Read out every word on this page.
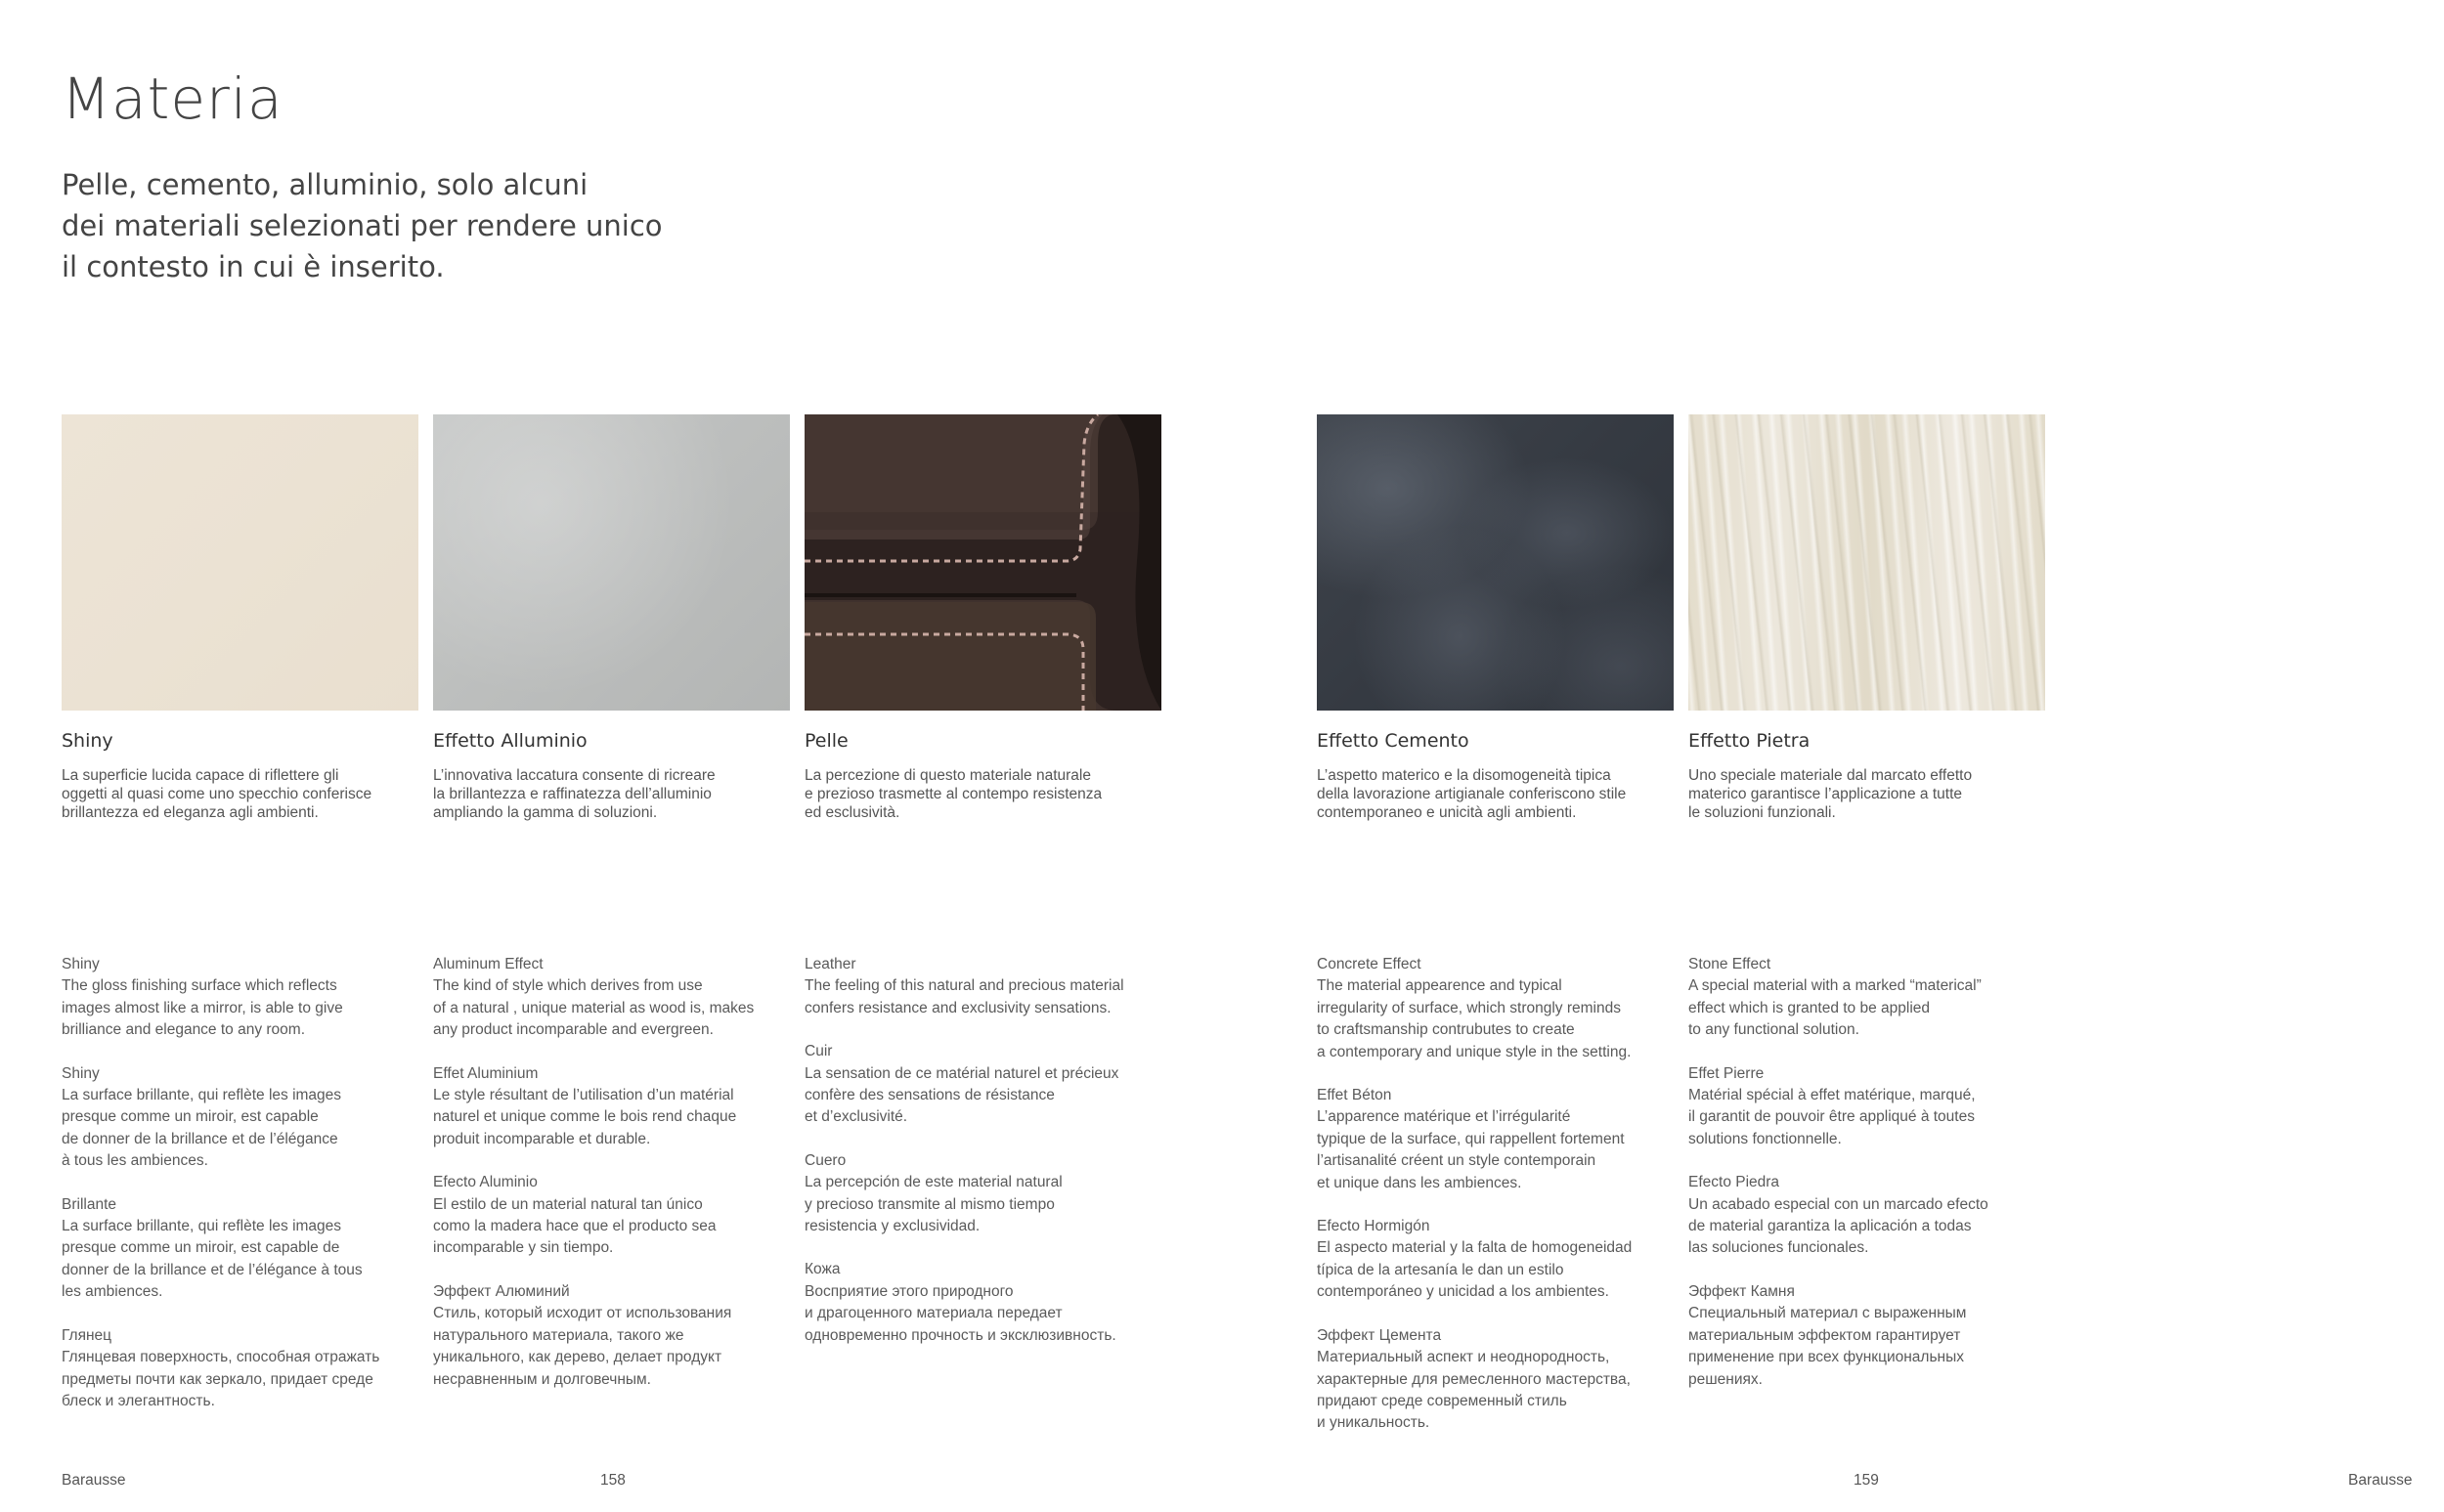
Materia

Pelle, cemento, alluminio, solo alcuni
dei materiali selezionati per rendere unico
il contesto in cui è inserito.

Shiny
La superficie lucida capace di riflettere gli
oggetti al quasi come uno specchio conferisce
brillantezza ed eleganza agli ambienti.
Effetto Alluminio
L’innovativa laccatura consente di ricreare
la brillantezza e raffinatezza dell’alluminio
ampliando la gamma di soluzioni.
Pelle
La percezione di questo materiale naturale
e prezioso trasmette al contempo resistenza
ed esclusività.
Effetto Cemento
L’aspetto materico e la disomogeneità tipica
della lavorazione artigianale conferiscono stile
contemporaneo e unicità agli ambienti.
Effetto Pietra
Uno speciale materiale dal marcato effetto
materico garantisce l’applicazione a tutte
le soluzioni funzionali.
Shiny
The gloss finishing surface which reflects
images almost like a mirror, is able to give
brilliance and elegance to any room.
Shiny
La surface brillante, qui reflète les images
presque comme un miroir, est capable
de donner de la brillance et de l’élégance
à tous les ambiences.
Brillante
La surface brillante, qui reflète les images
presque comme un miroir, est capable de
donner de la brillance et de l’élégance à tous
les ambiences.
Глянец
Глянцевая поверхность, способная отражать
предметы почти как зеркало, придает среде
блеск и элегантность.
Aluminum Effect
The kind of style which derives from use
of a natural , unique material as wood is, makes
any product incomparable and evergreen.
Effet Aluminium
Le style résultant de l’utilisation d’un matérial
naturel et unique comme le bois rend chaque
produit incomparable et durable.
Efecto Aluminio
El estilo de un material natural tan único
como la madera hace que el producto sea
incomparable y sin tiempo.
Эффект Алюминий
Стиль, который исходит от использования
натурального материала, такого же
уникального, как дерево, делает продукт
несравненным и долговечным.
Leather
The feeling of this natural and precious material
confers resistance and exclusivity sensations.
Cuir
La sensation de ce matérial naturel et précieux
confère des sensations de résistance
et d’exclusivité.
Cuero
La percepción de este material natural
y precioso transmite al mismo tiempo
resistencia y exclusividad.
Кожа
Восприятие этого природного
и драгоценного материала передает
одновременно прочность и эксклюзивность.
Concrete Effect
The material appearence and typical
irregularity of surface, which strongly reminds
to craftsmanship contrubutes to create
a contemporary and unique style in the setting.
Effet Béton
L’apparence matérique et l’irrégularité
typique de la surface, qui rappellent fortement
l’artisanalité créent un style contemporain
et unique dans les ambiences.
Efecto Hormigón
El aspecto material y la falta de homogeneidad
típica de la artesanía le dan un estilo
contemporáneo y unicidad a los ambientes.
Эффект Цемента
Материальный аспект и неоднородность,
характерные для ремесленного мастерства,
придают среде современный стиль
и уникальность.
Stone Effect
A special material with a marked “materical”
effect which is granted to be applied
to any functional solution.
Effet Pierre
Matérial spécial à effet matérique, marqué,
il garantit de pouvoir être appliqué à toutes
solutions fonctionnelle.
Efecto Piedra
Un acabado especial con un marcado efecto
de material garantiza la aplicación a todas
las soluciones funcionales.
Эффект Камня
Специальный материал с выраженным
материальным эффектом гарантирует
применение при всех функциональных
решениях.
Barausse	158	159	Barausse
